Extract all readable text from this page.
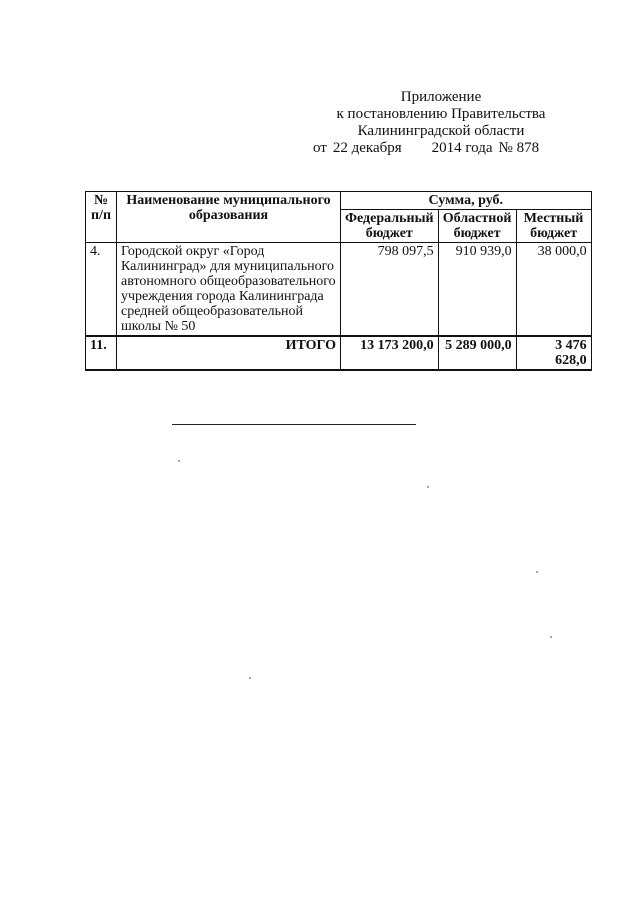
Приложение
к постановлению Правительства
Калининградской области
от 22 декабря 2014 года № 878
№ п/п	Наименование муниципального образования	Сумма, руб.		
		Федеральный бюджет	Областной бюджет	Местный бюджет
4.	Городской округ «Город Калининград» для муниципального автономного общеобразовательного учреждения города Калининграда средней общеобразовательной школы № 50	798 097,5	910 939,0	38 000,0
11.	ИТОГО	13 173 200,0	5 289 000,0	3 476 628,0
